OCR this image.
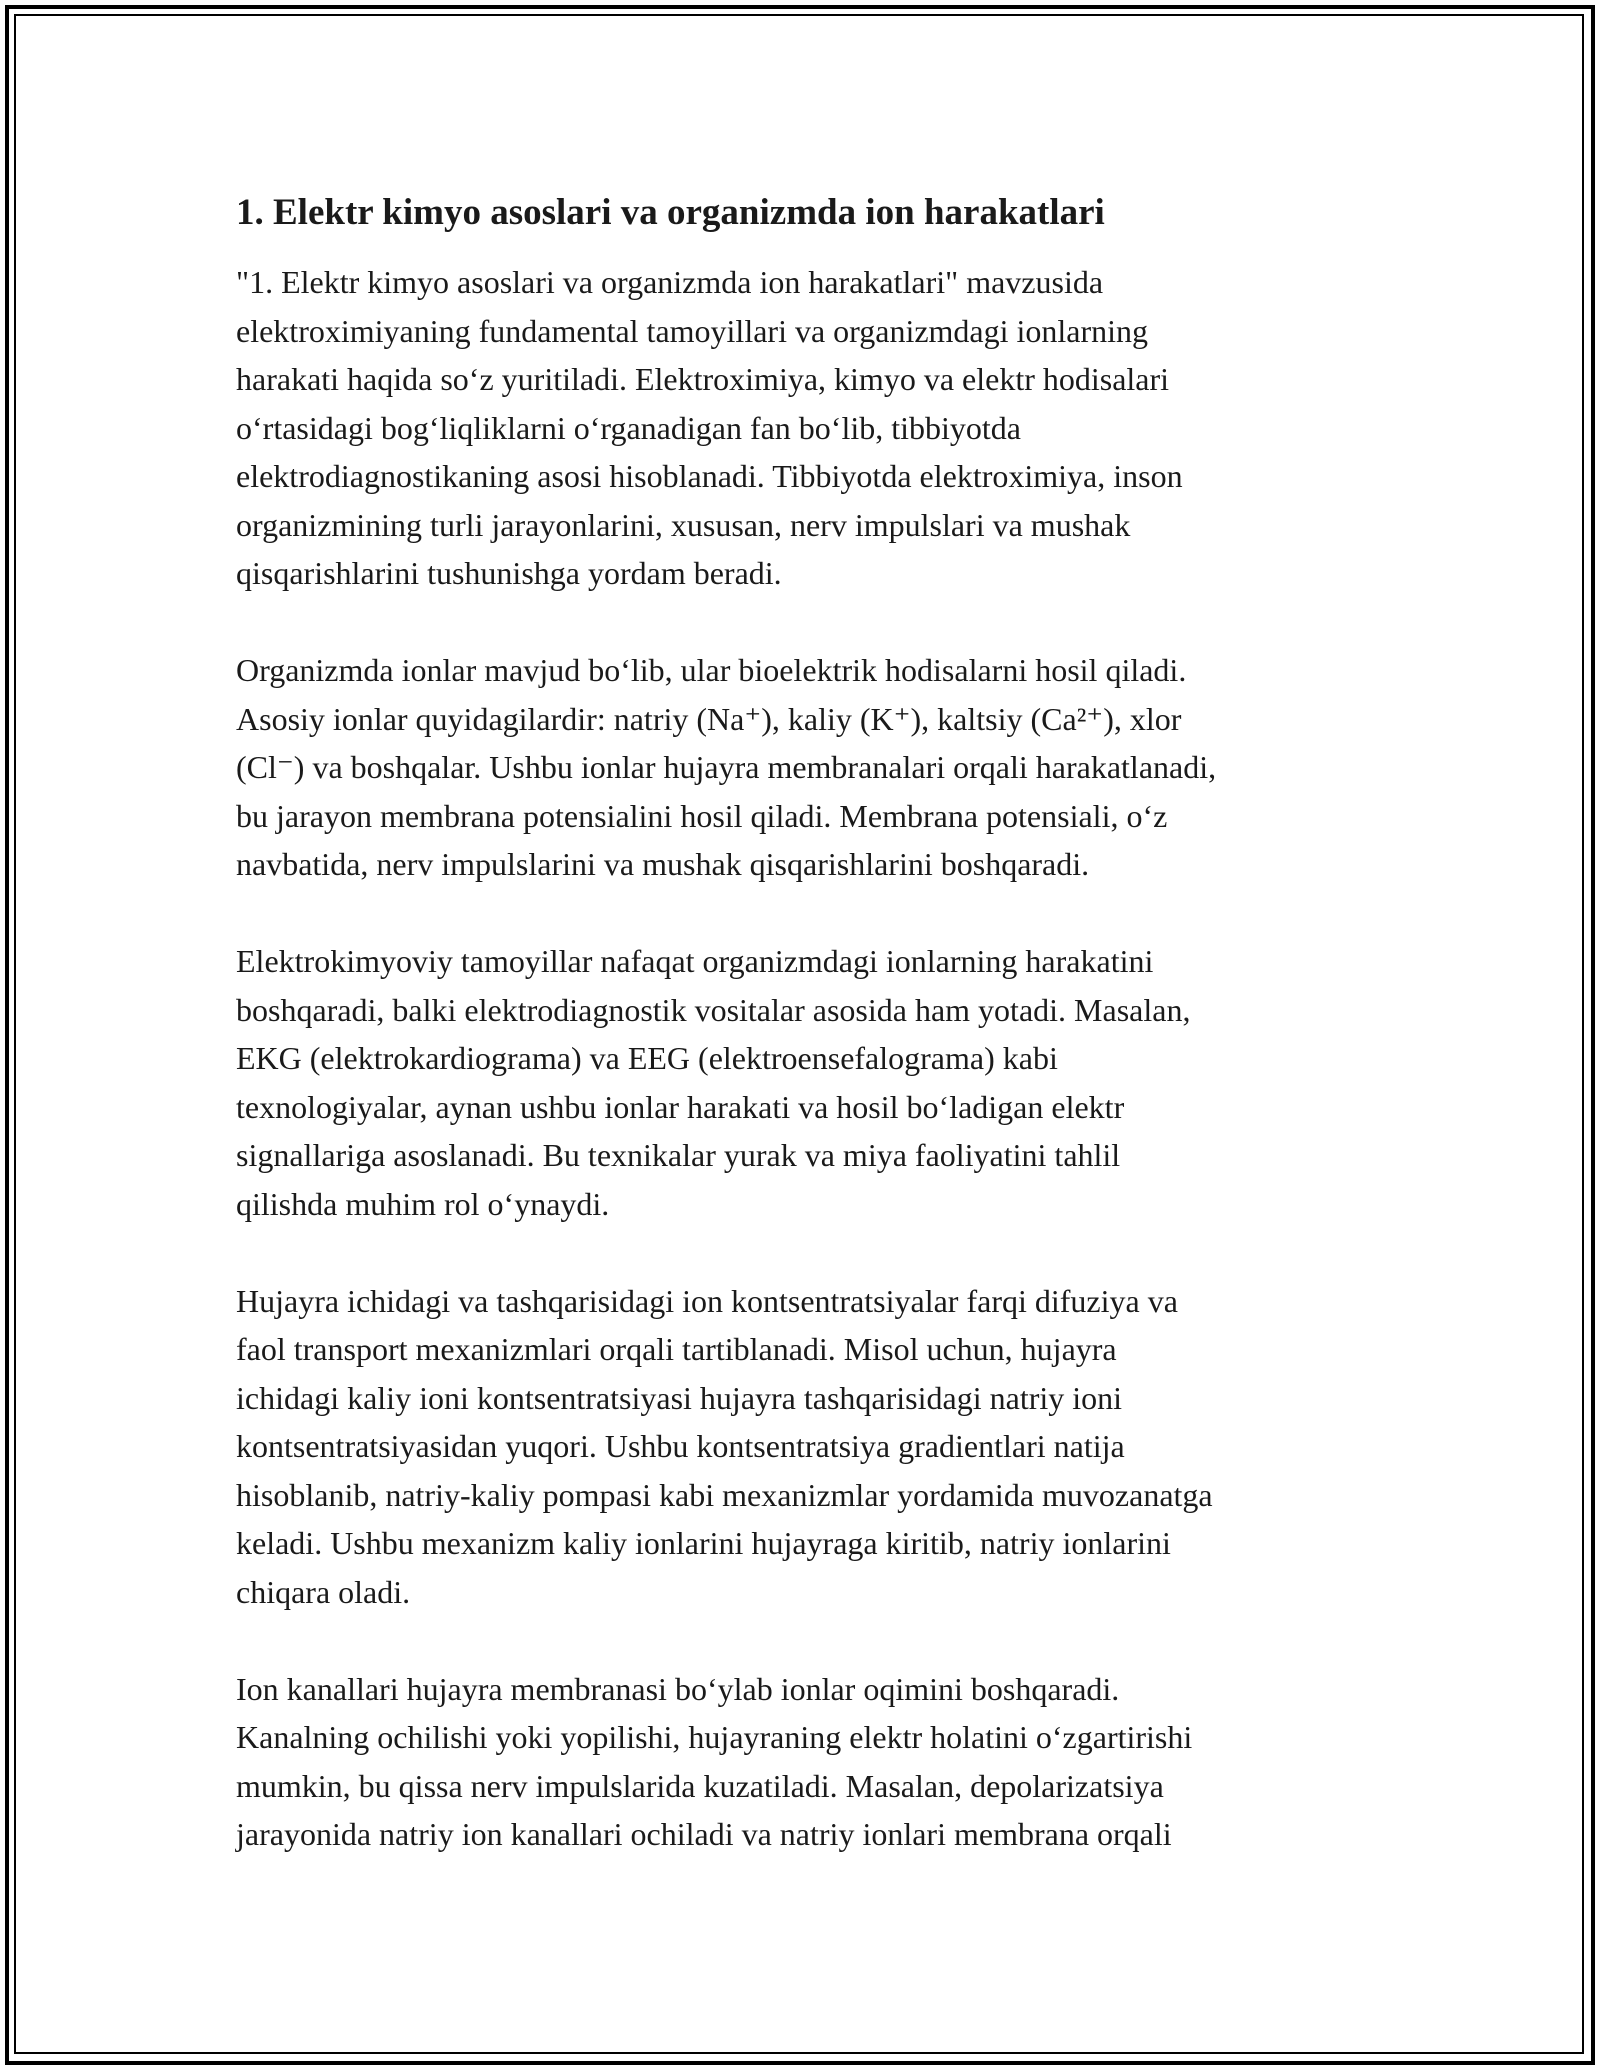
1. Elektr kimyo asoslari va organizmda ion harakatlari

"1. Elektr kimyo asoslari va organizmda ion harakatlari" mavzusida
elektroximiyaning fundamental tamoyillari va organizmdagi ionlarning
harakati haqida so‘z yuritiladi. Elektroximiya, kimyo va elektr hodisalari
o‘rtasidagi bog‘liqliklarni o‘rganadigan fan bo‘lib, tibbiyotda
elektrodiagnostikaning asosi hisoblanadi. Tibbiyotda elektroximiya, inson
organizmining turli jarayonlarini, xususan, nerv impulslari va mushak
qisqarishlarini tushunishga yordam beradi.

Organizmda ionlar mavjud bo‘lib, ular bioelektrik hodisalarni hosil qiladi.
Asosiy ionlar quyidagilardir: natriy (Na⁺), kaliy (K⁺), kaltsiy (Ca²⁺), xlor
(Cl⁻) va boshqalar. Ushbu ionlar hujayra membranalari orqali harakatlanadi,
bu jarayon membrana potensialini hosil qiladi. Membrana potensiali, o‘z
navbatida, nerv impulslarini va mushak qisqarishlarini boshqaradi.

Elektrokimyoviy tamoyillar nafaqat organizmdagi ionlarning harakatini
boshqaradi, balki elektrodiagnostik vositalar asosida ham yotadi. Masalan,
EKG (elektrokardiograma) va EEG (elektroensefalograma) kabi
texnologiyalar, aynan ushbu ionlar harakati va hosil bo‘ladigan elektr
signallariga asoslanadi. Bu texnikalar yurak va miya faoliyatini tahlil
qilishda muhim rol o‘ynaydi.

Hujayra ichidagi va tashqarisidagi ion kontsentratsiyalar farqi difuziya va
faol transport mexanizmlari orqali tartiblanadi. Misol uchun, hujayra
ichidagi kaliy ioni kontsentratsiyasi hujayra tashqarisidagi natriy ioni
kontsentratsiyasidan yuqori. Ushbu kontsentratsiya gradientlari natija
hisoblanib, natriy-kaliy pompasi kabi mexanizmlar yordamida muvozanatga
keladi. Ushbu mexanizm kaliy ionlarini hujayraga kiritib, natriy ionlarini
chiqara oladi.

Ion kanallari hujayra membranasi bo‘ylab ionlar oqimini boshqaradi.
Kanalning ochilishi yoki yopilishi, hujayraning elektr holatini o‘zgartirishi
mumkin, bu qissa nerv impulslarida kuzatiladi. Masalan, depolarizatsiya
jarayonida natriy ion kanallari ochiladi va natriy ionlari membrana orqali
